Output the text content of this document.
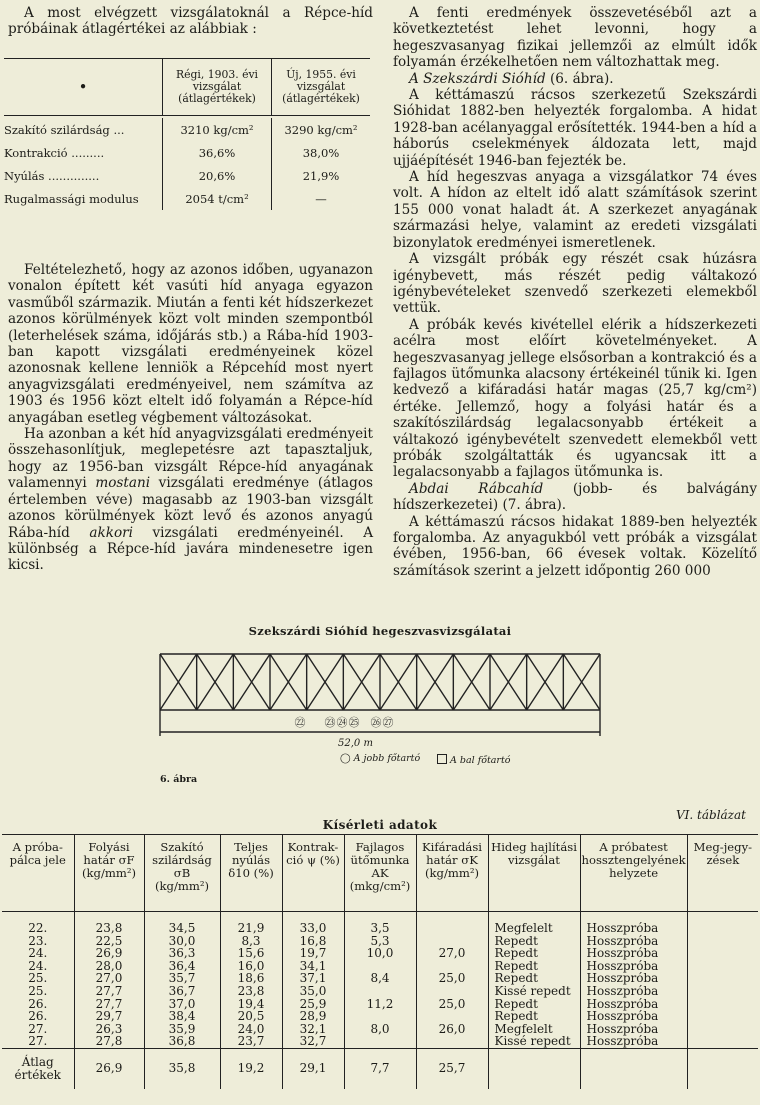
A most elvégzett vizsgálatoknál a Répce-híd próbáinak átlagértékei az alábbiak :

•	Régi, 1903. évi vizsgálat (átlagértékek)	Új, 1955. évi vizsgálat (átlagértékek)

Szakító szilárdság ...	3210 kg/cm²	3290 kg/cm²
Kontrakció .........	36,6%	38,0%
Nyúlás ..............	20,6%	21,9%
Rugalmassági modulus	2054 t/cm²	—

Feltételezhető, hogy az azonos időben, ugyanazon vonalon épített két vasúti híd anyaga egyazon vasműből származik. Miután a fenti két hídszerkezet azonos körülmények közt volt minden szempontból (leterhelések száma, időjárás stb.) a Rába-híd 1903-ban kapott vizsgálati eredményeinek közel azonosnak kellene lenniök a Répcehíd most nyert anyagvizsgálati eredményeivel, nem számítva az 1903 és 1956 közt eltelt idő folyamán a Répce-híd anyagában esetleg végbement változásokat.

Ha azonban a két híd anyagvizsgálati eredményeit összehasonlítjuk, meglepetésre azt tapasztaljuk, hogy az 1956-ban vizsgált Répce-híd anyagának valamennyi mostani vizsgálati eredménye (átlagos értelemben véve) magasabb az 1903-ban vizsgált azonos körülmények közt levő és azonos anyagú Rába-híd akkori vizsgálati eredményeinél. A különbség a Répce-híd javára mindenesetre igen kicsi.

A fenti eredmények összevetéséből azt a következtetést lehet levonni, hogy a hegeszvasanyag fizikai jellemzői az elmúlt idők folyamán érzékelhetően nem változhattak meg.

A Szekszárdi Sióhíd (6. ábra).

A kéttámaszú rácsos szerkezetű Szekszárdi Sióhidat 1882-ben helyezték forgalomba. A hidat 1928-ban acélanyaggal erősítették. 1944-ben a híd a háborús cselekmények áldozata lett, majd ujjáépítését 1946-ban fejezték be.

A híd hegeszvas anyaga a vizsgálatkor 74 éves volt. A hídon az eltelt idő alatt számítások szerint 155 000 vonat haladt át. A szerkezet anyagának származási helye, valamint az eredeti vizsgálati bizonylatok eredményei ismeretlenek.

A vizsgált próbák egy részét csak húzásra igénybevett, más részét pedig váltakozó igénybevételeket szenvedő szerkezeti elemekből vettük.

A próbák kevés kivétellel elérik a hídszerkezeti acélra most előírt követelményeket. A hegeszvasanyag jellege elsősorban a kontrakció és a fajlagos ütőmunka alacsony értékeinél tűnik ki. Igen kedvező a kifáradási határ magas (25,7 kg/cm²) értéke. Jellemző, hogy a folyási határ és a szakítószilárdság legalacsonyabb értékeit a váltakozó igénybevételt szenvedett elemekből vett próbák szolgáltatták és ugyancsak itt a legalacsonyabb a fajlagos ütőmunka is.

Abdai Rábcahíd (jobb- és balvágány hídszerkezetei) (7. ábra).

A kéttámaszú rácsos hidakat 1889-ben helyezték forgalomba. Az anyagukból vett próbák a vizsgálat évében, 1956-ban, 66 évesek voltak. Közelítő számítások szerint a jelzett időpontig 260 000

Szekszárdi Sióhíd hegeszvasvizsgálatai
㉒ ㉓ ㉔ ㉕ ㉖ ㉗
52,0 m
◯ A jobb főtartó	A bal főtartó
6. ábra
VI. táblázat
Kísérleti adatok
A próba-pálca jele	Folyási határ σF (kg/mm²)	Szakító szilárdság σB (kg/mm²)	Teljes nyúlás δ10 (%)	Kontrak-ció ψ (%)	Fajlagos ütőmunka AK (mkg/cm²)	Kifáradási határ σK (kg/mm²)	Hideg hajlítási vizsgálat	A próbatest hossztengelyének helyzete	Meg-jegy-zések
22.	23,8	34,5	21,9	33,0	3,5		Megfelelt	Hosszpróba	
23.	22,5	30,0	8,3	16,8	5,3		Repedt	Hosszpróba	
24.	26,9	36,3	15,6	19,7	10,0	27,0	Repedt	Hosszpróba	
24.	28,0	36,4	16,0	34,1			Repedt	Hosszpróba	
25.	27,0	35,7	18,6	37,1	8,4	25,0	Repedt	Hosszpróba	
25.	27,7	36,7	23,8	35,0			Kissé repedt	Hosszpróba	
26.	27,7	37,0	19,4	25,9	11,2	25,0	Repedt	Hosszpróba	
26.	29,7	38,4	20,5	28,9			Repedt	Hosszpróba	
27.	26,3	35,9	24,0	32,1	8,0	26,0	Megfelelt	Hosszpróba	
27.	27,8	36,8	23,7	32,7			Kissé repedt	Hosszpróba	
Átlag értékek	26,9	35,8	19,2	29,1	7,7	25,7			
